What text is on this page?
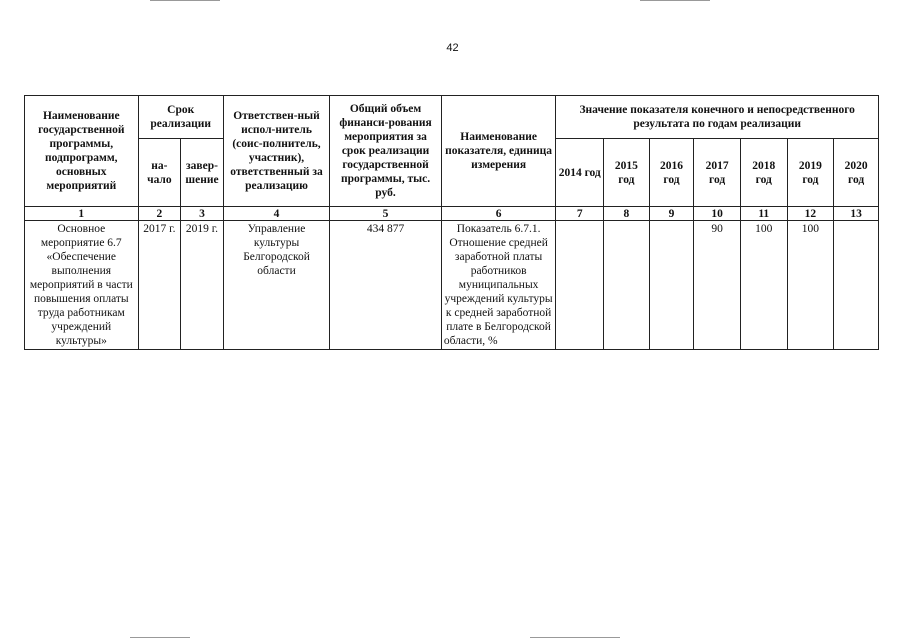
42
Наименование государственной программы, подпрограмм, основных мероприятий	Срок реализации		Ответствен-ный испол-нитель (соис-полнитель, участник), ответственный за реализацию	Общий объем финанси-рования мероприятия за срок реализации государственной программы, тыс. руб.	Наименование показателя, единица измерения	Значение показателя конечного и непосредственного результата по годам реализации						
	на-чало	завер-шение				2014 год	2015 год	2016 год	2017 год	2018 год	2019 год	2020 год
1	2	3	4	5	6	7	8	9	10	11	12	13
Основное мероприятие 6.7 «Обеспечение выполнения мероприятий в части повышения оплаты труда работникам учреждений культуры»	2017 г.	2019 г.	Управление культуры Белгородской области	434 877	Показатель 6.7.1. Отношение средней заработной платы работников муниципальных учреждений культуры к средней заработной плате в Белгородской области, %				90	100	100	
